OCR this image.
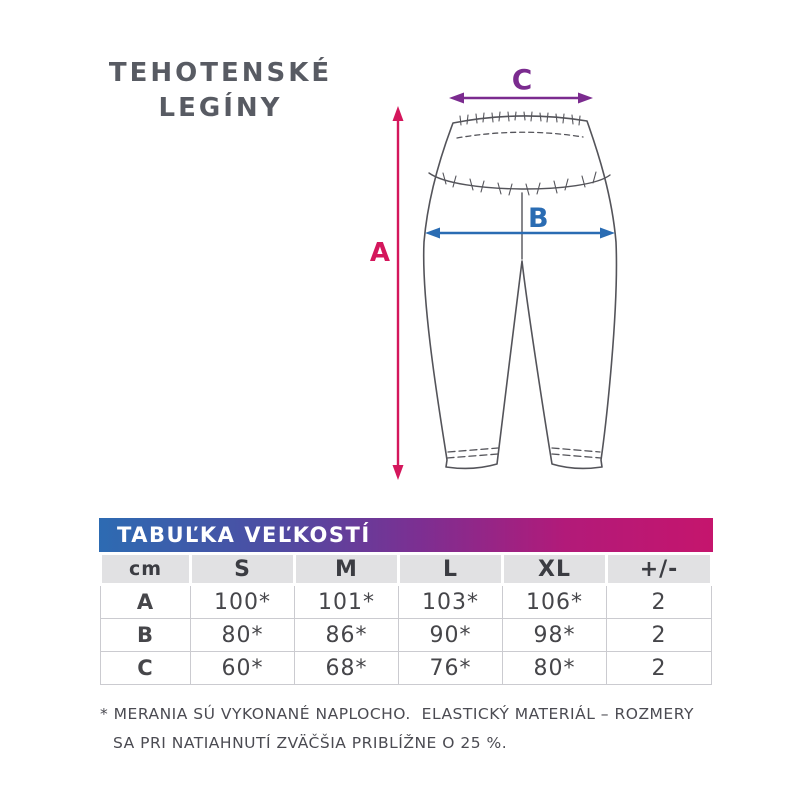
TEHOTENSKÉ
LEGÍNY
A
C
B
TABUĽKA VEĽKOSTÍ
cm	S	M	L	XL	+/-
A	100*	101*	103*	106*	2
B	80*	86*	90*	98*	2
C	60*	68*	76*	80*	2
* MERANIA SÚ VYKONANÉ NAPLOCHO.  ELASTICKÝ MATERIÁL – ROZMERY
SA PRI NATIAHNUTÍ ZVÄČŠIA PRIBLÍŽNE O 25 %.
